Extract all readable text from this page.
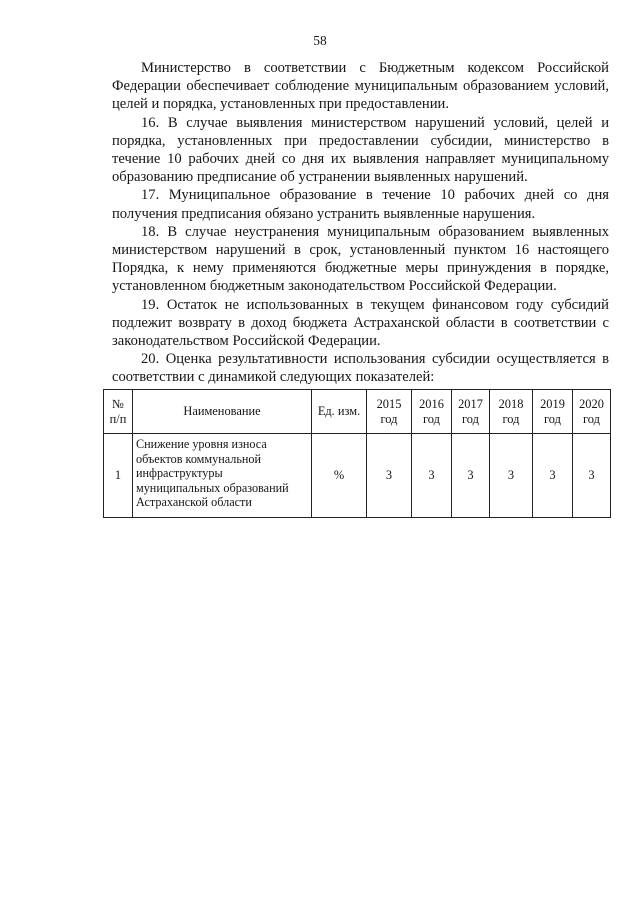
58

Министерство в соответствии с Бюджетным кодексом Российской Федерации обеспечивает соблюдение муниципальным образованием условий, целей и порядка, установленных при предоставлении.

16. В случае выявления министерством нарушений условий, целей и порядка, установленных при предоставлении субсидии, министерство в течение 10 рабочих дней со дня их выявления направляет муниципальному образованию предписание об устранении выявленных нарушений.

17. Муниципальное образование в течение 10 рабочих дней со дня получения предписания обязано устранить выявленные нарушения.

18. В случае неустранения муниципальным образованием выявленных министерством нарушений в срок, установленный пунктом 16 настоящего Порядка, к нему применяются бюджетные меры принуждения в порядке, установленном бюджетным законодательством Российской Федерации.

19. Остаток не использованных в текущем финансовом году субсидий подлежит возврату в доход бюджета Астраханской области в соответствии с законодательством Российской Федерации.

20. Оценка результативности использования субсидии осуществляется в соответствии с динамикой следующих показателей:

№ п/п	Наименование	Ед. изм.	2015 год	2016 год	2017 год	2018 год	2019 год	2020 год
1	Снижение уровня износа объектов коммунальной инфраструктуры муниципальных образований Астраханской области	%	3	3	3	3	3	3
